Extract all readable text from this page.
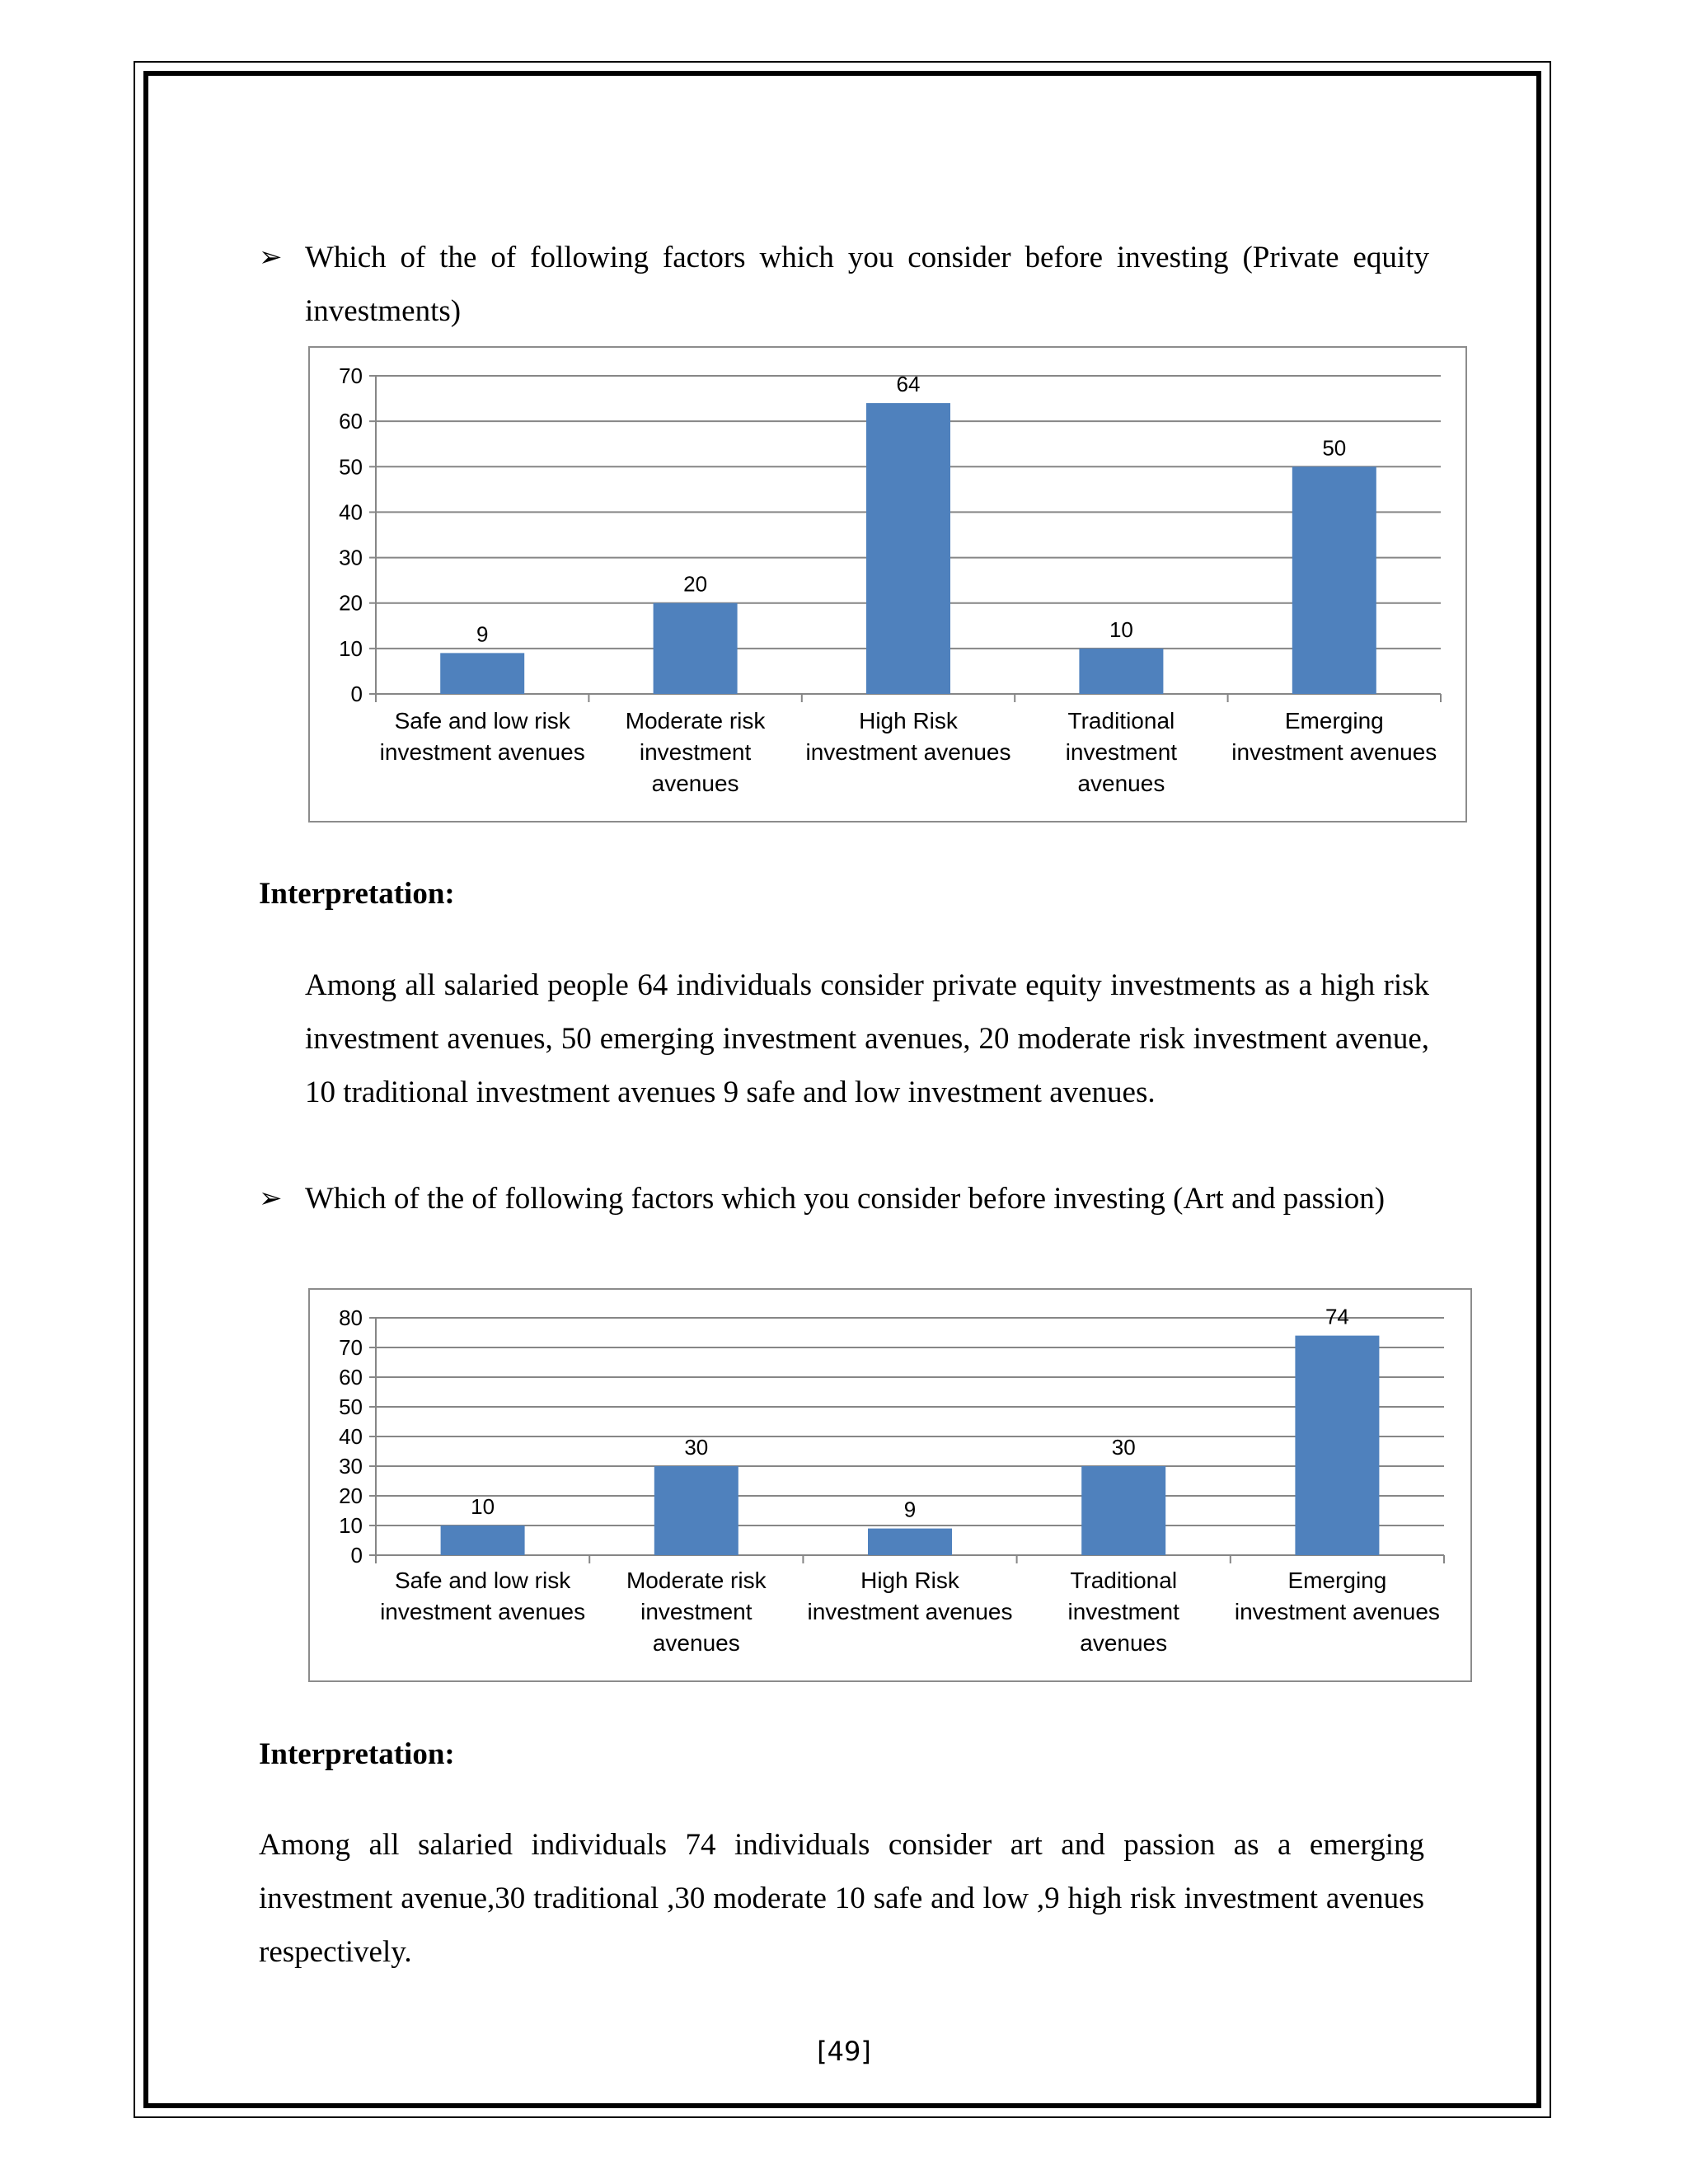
➢ Which of the of following factors which you consider before investing (Private equity investments)
0
10
20
30
40
50
60
70
9
Safe and low risk investment avenues
20
Moderate risk investment avenues
64
High Risk investment avenues
10
Traditional investment avenues
50
Emerging investment avenues
Interpretation:
Among all salaried people 64 individuals consider private equity investments as a high risk investment avenues, 50 emerging investment avenues, 20 moderate risk investment avenue, 10 traditional investment avenues 9 safe and low investment avenues.
➢ Which of the of following factors which you consider before investing (Art and passion)
0
10
20
30
40
50
60
70
80
10
Safe and low risk investment avenues
30
Moderate risk investment avenues
9
High Risk investment avenues
30
Traditional investment avenues
74
Emerging investment avenues
Interpretation:
Among all salaried individuals 74 individuals consider art and passion as a emerging investment avenue,30 traditional ,30 moderate 10 safe and low ,9 high risk investment avenues respectively.
[49]
